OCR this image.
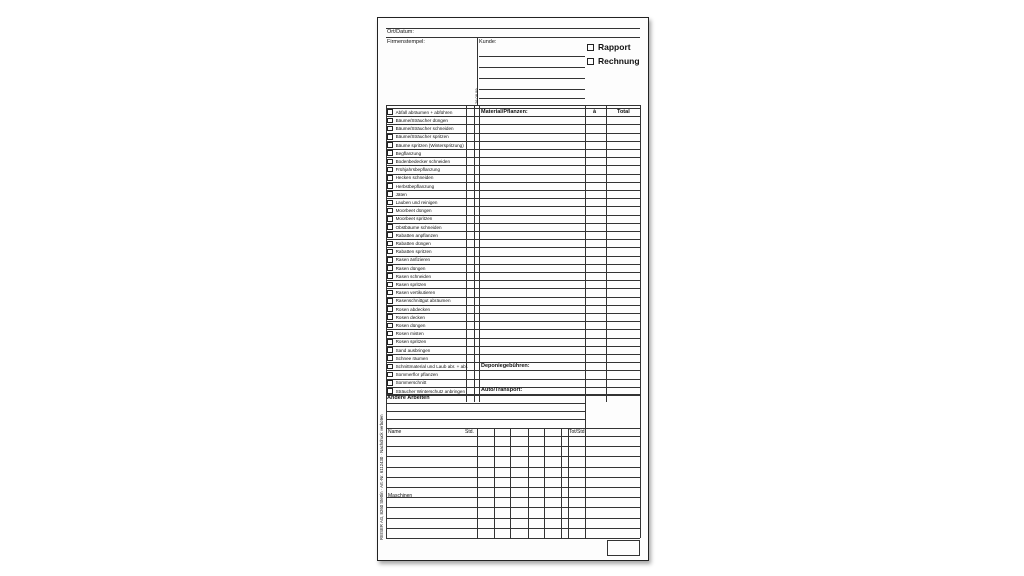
Ort/Datum:
Firmenstempel:	Kunde:
26.08.99
Rapport
Rechnung
Material/Pflanzen:	à	Total
Abfall abräumen + abführen
Bäume/Sträucher düngen
Bäume/Sträucher schneiden
Bäume/Sträucher spritzen
Bäume spritzen (Winterspritzung)
Begflanzung
Bodenbedecker schneiden
Frühjahrsbepflanzung
Hecken schneiden
Herbstbepflanzung
Jäten
Lauben und reinigen
Moorbeet düngen
Moorbeet spritzen
Obstbäume schneiden
Rabatten anpflanzen
Rabatten düngen
Rabatten spritzen
Rasen änfizieren
Rasen düngen
Rasen schneiden
Rasen spritzen
Rasen vertikutieren
Rasenschnittgut abräumen
Rosen abdecken
Rosen decken
Rosen düngen
Rosen misten
Rosen spritzen
Sand ausbringen
Schnee räumen
Schnittmaterial und Laub abr. + abf.
Sommerflor pflanzen
Sommerschnitt
Sträucher Winterschutz anbringen
Deponiegebühren:
Auto/Transport:
Andere Arbeiten
Name	Std.	Tot/Std.
Maschinen
REISER AG, 8260 Stettin · Art.-Nr. 6112430 · Nachdruck verboten
